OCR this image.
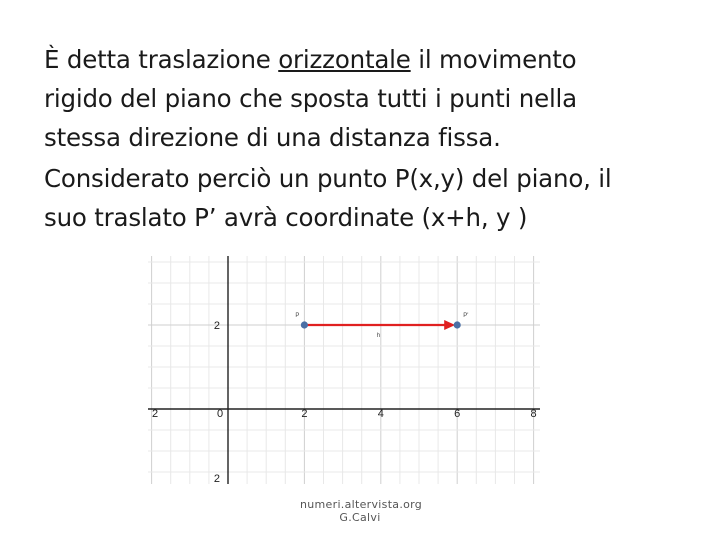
È detta traslazione orizzontale il movimento

rigido del piano che sposta tutti i punti nella

stessa direzione di una distanza fissa.

Considerato perciò un punto P(x,y) del piano, il

suo traslato P’ avrà coordinate (x+h, y )

2	0	2	4	6	8
2
2
h
P	P'
numeri.altervista.org
G.Calvi
